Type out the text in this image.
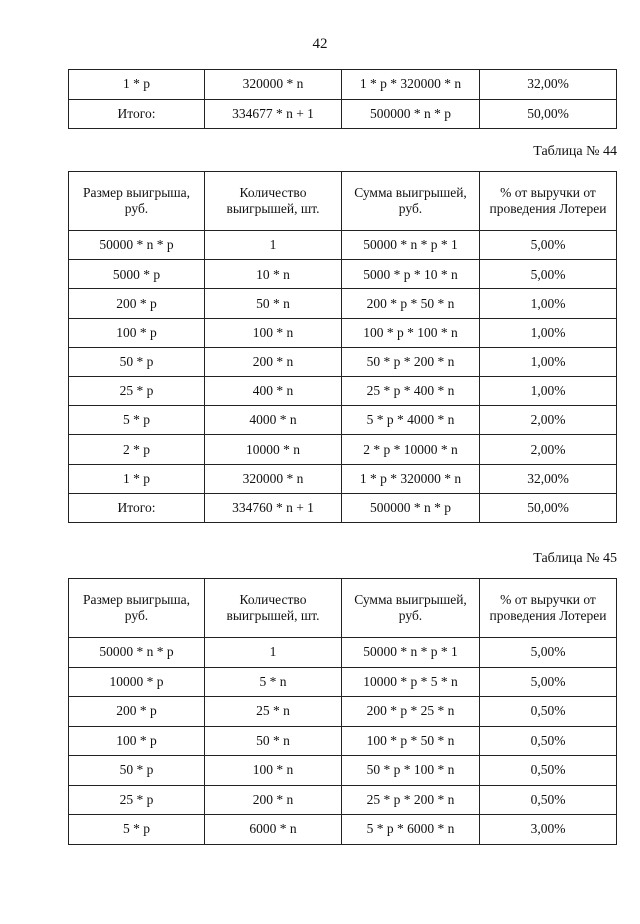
42
1 * p	320000 * n	1 * p * 320000 * n	32,00%
Итого:	334677 * n + 1	500000 * n * p	50,00%
Таблица № 44
Размер выигрыша, руб.	Количество выигрышей, шт.	Сумма выигрышей, руб.	% от выручки от проведения Лотереи
50000 * n * p	1	50000 * n * p * 1	5,00%
5000 * p	10 * n	5000 * p * 10 * n	5,00%
200 * p	50 * n	200 * p * 50 * n	1,00%
100 * p	100 * n	100 * p * 100 * n	1,00%
50 * p	200 * n	50 * p * 200 * n	1,00%
25 * p	400 * n	25 * p * 400 * n	1,00%
5 * p	4000 * n	5 * p * 4000 * n	2,00%
2 * p	10000 * n	2 * p * 10000 * n	2,00%
1 * p	320000 * n	1 * p * 320000 * n	32,00%
Итого:	334760 * n + 1	500000 * n * p	50,00%
Таблица № 45
Размер выигрыша, руб.	Количество выигрышей, шт.	Сумма выигрышей, руб.	% от выручки от проведения Лотереи
50000 * n * p	1	50000 * n * p * 1	5,00%
10000 * p	5 * n	10000 * p * 5 * n	5,00%
200 * p	25 * n	200 * p * 25 * n	0,50%
100 * p	50 * n	100 * p * 50 * n	0,50%
50 * p	100 * n	50 * p * 100 * n	0,50%
25 * p	200 * n	25 * p * 200 * n	0,50%
5 * p	6000 * n	5 * p * 6000 * n	3,00%
